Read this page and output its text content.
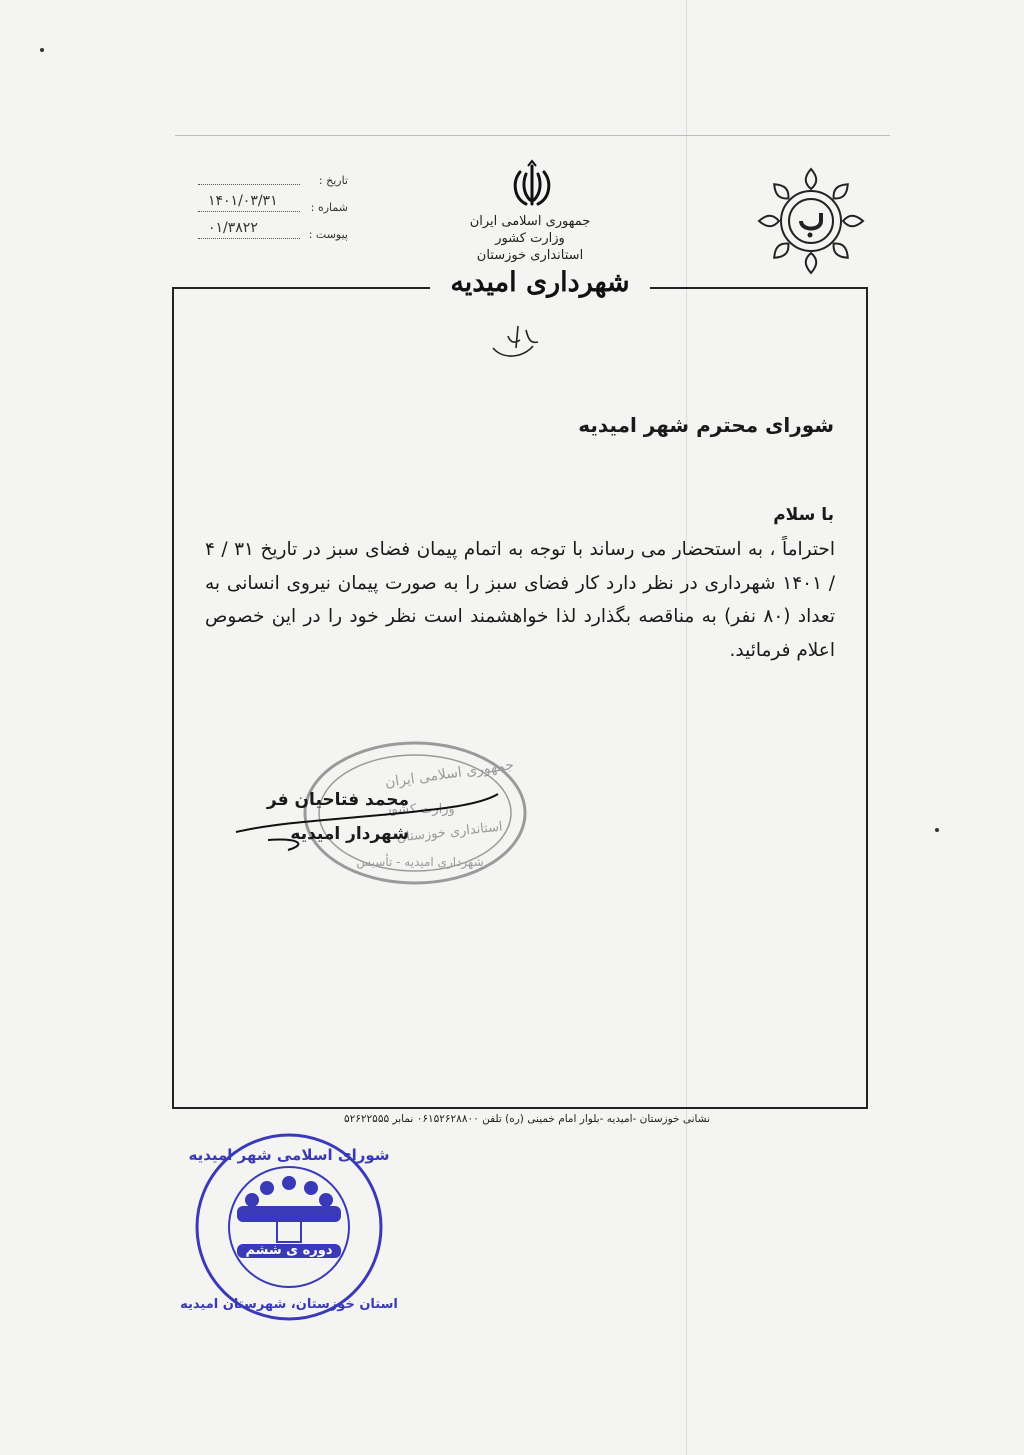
تاریخ :
شماره :
۱۴۰۱/۰۳/۳۱
پیوست :
۰۱/۳۸۲۲	جمهوری اسلامی ایران
وزارت کشور
استانداری خوزستان
شهرداری امیدیه
شورای محترم شهر امیدیه
با سلام
احتراماً ، به استحضار می رساند با توجه به اتمام پیمان فضای سبز در تاریخ ۳۱ / ۴ / ۱۴۰۱ شهرداری در نظر دارد کار فضای سبز را به صورت پیمان نیروی انسانی به تعداد (۸۰ نفر) به مناقصه بگذارد لذا خواهشمند است نظر خود را در این خصوص اعلام فرمائید.
جمهوری اسلامی ایران
وزارت کشور
استانداری خوزستان
شهرداری امیدیه - تأسیس
محمد فتاحیان فر
شهردار امیدیه
نشانی خوزستان -امیدیه -بلوار امام خمینی (ره) تلفن ۰۶۱۵۲۶۲۸۸۰۰ نمابر ۵۲۶۲۲۵۵۵
شورای اسلامی شهر امیدیه
دوره ی ششم
استان خوزستان، شهرستان امیدیه
